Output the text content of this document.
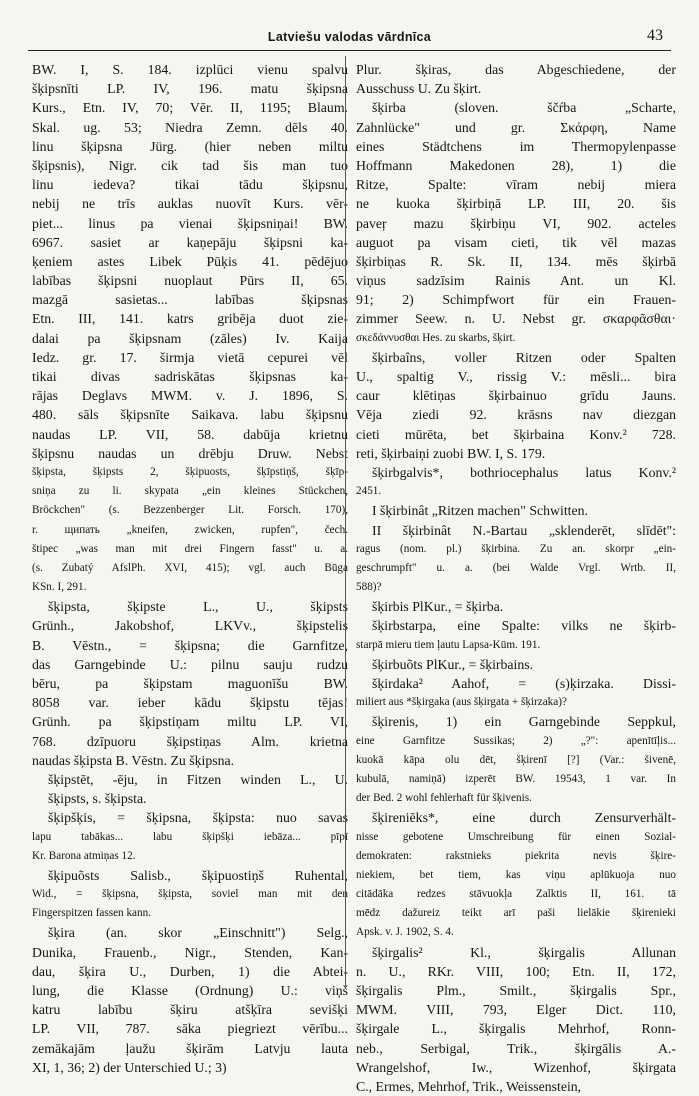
Latviešu valodas vārdnīca	43
BW. I, S. 184. izplūci vienu spalvu
šķipsnīti LP. IV, 196. matu šķipsna
Kurs., Etn. IV, 70; Vēr. II, 1195; Blaum.
Skal. ug. 53; Niedra Zemn. dēls 40.
linu šķipsna Jürg. (hier neben miltu
šķipsnis), Nigr. cik tad šis man tuo
linu iedeva? tikai tādu šķipsnu,
nebij ne trīs auklas nuovīt Kurs. vēr-
piet... linus pa vienai šķipsniņai! BW.
6967. sasiet ar kaņepāju šķipsni ka-
ķeniem astes Libek Pūķis 41. pēdējuo
labības šķipsni nuoplaut Pūrs II, 65.
mazgā sasietas... labības šķipsnas
Etn. III, 141. katrs gribēja duot zie-
dalai pa šķipsnam (zāles) Iv. Kaija
Iedz. gr. 17. širmja vietā cepurei vēl
tikai divas sadriskātas šķipsnas ka-
rājas Deglavs MWM. v. J. 1896, S.
480. sāls šķipsnīte Saikava. labu šķipsnu
naudas LP. VII, 58. dabūja krietnu
šķipsnu naudas un drēbju Druw. Nebst
šķipsta, šķipsts 2, šķipuosts, šķīpstiņš, šķīp-
sniņa zu li. skypata „ein kleines Stückchen,
Bröckchen" (s. Bezzenberger Lit. Forsch. 170),
r. щипать „kneifen, zwicken, rupfen", čech.
štipec „was man mit drei Fingern fasst" u. a.
(s. Zubatý AfslPh. XVI, 415); vgl. auch Būga
KSn. I, 291.
šķipsta, šķipste L., U., šķipsts
Grünh., Jakobshof, LKVv., šķipstelis
B. Vēstn., = šķipsna; die Garnfitze,
das Garngebinde U.: pilnu sauju rudzu
bēru, pa šķipstam maguonīšu BW.
8058 var. ieber kādu šķipstu tējas!
Grünh. pa šķipstiņam miltu LP. VI,
768. dzīpuoru šķipstiņas Alm. krietna
naudas šķipsta B. Vēstn. Zu šķipsna.
šķipstēt, -ēju, in Fitzen winden L., U.
šķipsts, s. šķipsta.
šķipšķis, = šķipsna, šķipsta: nuo savas
lapu tabākas... labu šķipšķi iebāza... pīpī
Kr. Barona atmiņas 12.
šķipuõsts Salisb., šķipuostiņš Ruhental,
Wid., = šķipsna, šķipsta, soviel man mit den
Fingerspitzen fassen kann.
šķira (an. skor „Einschnitt") Selg.,
Dunika, Frauenb., Nigr., Stenden, Kan-
dau, šķira U., Durben, 1) die Abtei-
lung, die Klasse (Ordnung) U.: viņš
katru labību šķiru atšķīra sevišķi
LP. VII, 787. sāka piegriezt vērību...
zemākajām ļaužu šķirām Latvju lauta
XI, 1, 36; 2) der Unterschied U.; 3)
Plur. šķiras, das Abgeschiedene, der
Ausschuss U. Zu šķirt.
šķirba (sloven. ščŕba „Scharte,
Zahnlücke" und gr. Σκάρφη, Name
eines Städtchens im Thermopylenpasse
Hoffmann Makedonen 28), 1) die
Ritze, Spalte: vīram nebij miera
ne kuoka šķirbiņā LP. III, 20. šis
paveŗ mazu šķirbiņu VI, 902. acteles
auguot pa visam cieti, tik vēl mazas
šķirbiņas R. Sk. II, 134. mēs šķirbā
viņus sadzīsim Rainis Ant. un Kl.
91; 2) Schimpfwort für ein Frauen-
zimmer Seew. n. U. Nebst gr. σκαρφᾶσθαι·
σκεδάννυσθαι Hes. zu skarbs, šķirt.
šķirbaîns, voller Ritzen oder Spalten
U., spaltig V., rissig V.: mēsli... bira
caur klētiņas šķirbainuo grīdu Jauns.
Vēja ziedi 92. krāsns nav diezgan
cieti mūrēta, bet šķirbaina Konv.² 728.
reti, šķirbaiņi zuobi BW. I, S. 179.
šķirbgalvis*, bothriocephalus latus Konv.²
2451.
I šķirbinât „Ritzen machen" Schwitten.
II šķirbinât N.-Bartau „sklenderēt, slīdēt":
ragus (nom. pl.) šķirbina. Zu an. skorpr „ein-
geschrumpft" u. a. (bei Walde Vrgl. Wrtb. II,
588)?
šķirbis PlKur., = šķirba.
šķirbstarpa, eine Spalte: vilks ne šķirb-
starpā mieru tiem ļautu Lapsa-Kūm. 191.
šķirbuõts PlKur., = šķirbains.
šķirdaka² Aahof, = (s)ķirzaka. Dissi-
miliert aus *šķirgaka (aus šķirgata + šķirzaka)?
šķirenis, 1) ein Garngebinde Seppkul,
eine Garnfitze Sussikas; 2) „?": apenītīļis...
kuokā kāpa olu dēt, šķirenī [?] (Var.: šivenē,
kubulā, namiņā) izperēt BW. 19543, 1 var. In
der Bed. 2 wohl fehlerhaft für šķivenis.
šķireniēks*, eine durch Zensurverhält-
nisse gebotene Umschreibung für einen Sozial-
demokraten: rakstnieks piekrita nevis šķire-
niekiem, bet tiem, kas viņu aplūkuoja nuo
citādāka redzes stāvuokļa Zalktis II, 161. tā
mēdz dažureiz teikt arī paši lielākie šķirenieki
Apsk. v. J. 1902, S. 4.
šķirgalis² Kl., šķirgalis Allunan
n. U., RKr. VIII, 100; Etn. II, 172,
šķirgalis Plm., Smilt., šķirgalis Spr.,
MWM. VIII, 793, Elger Dict. 110,
šķirgale L., šķirgalis Mehrhof, Ronn-
neb., Serbigal, Trik., šķirgālis A.-
Wrangelshof, Iw., Wizenhof, šķirgata
C., Ermes, Mehrhof, Trik., Weissenstein,
